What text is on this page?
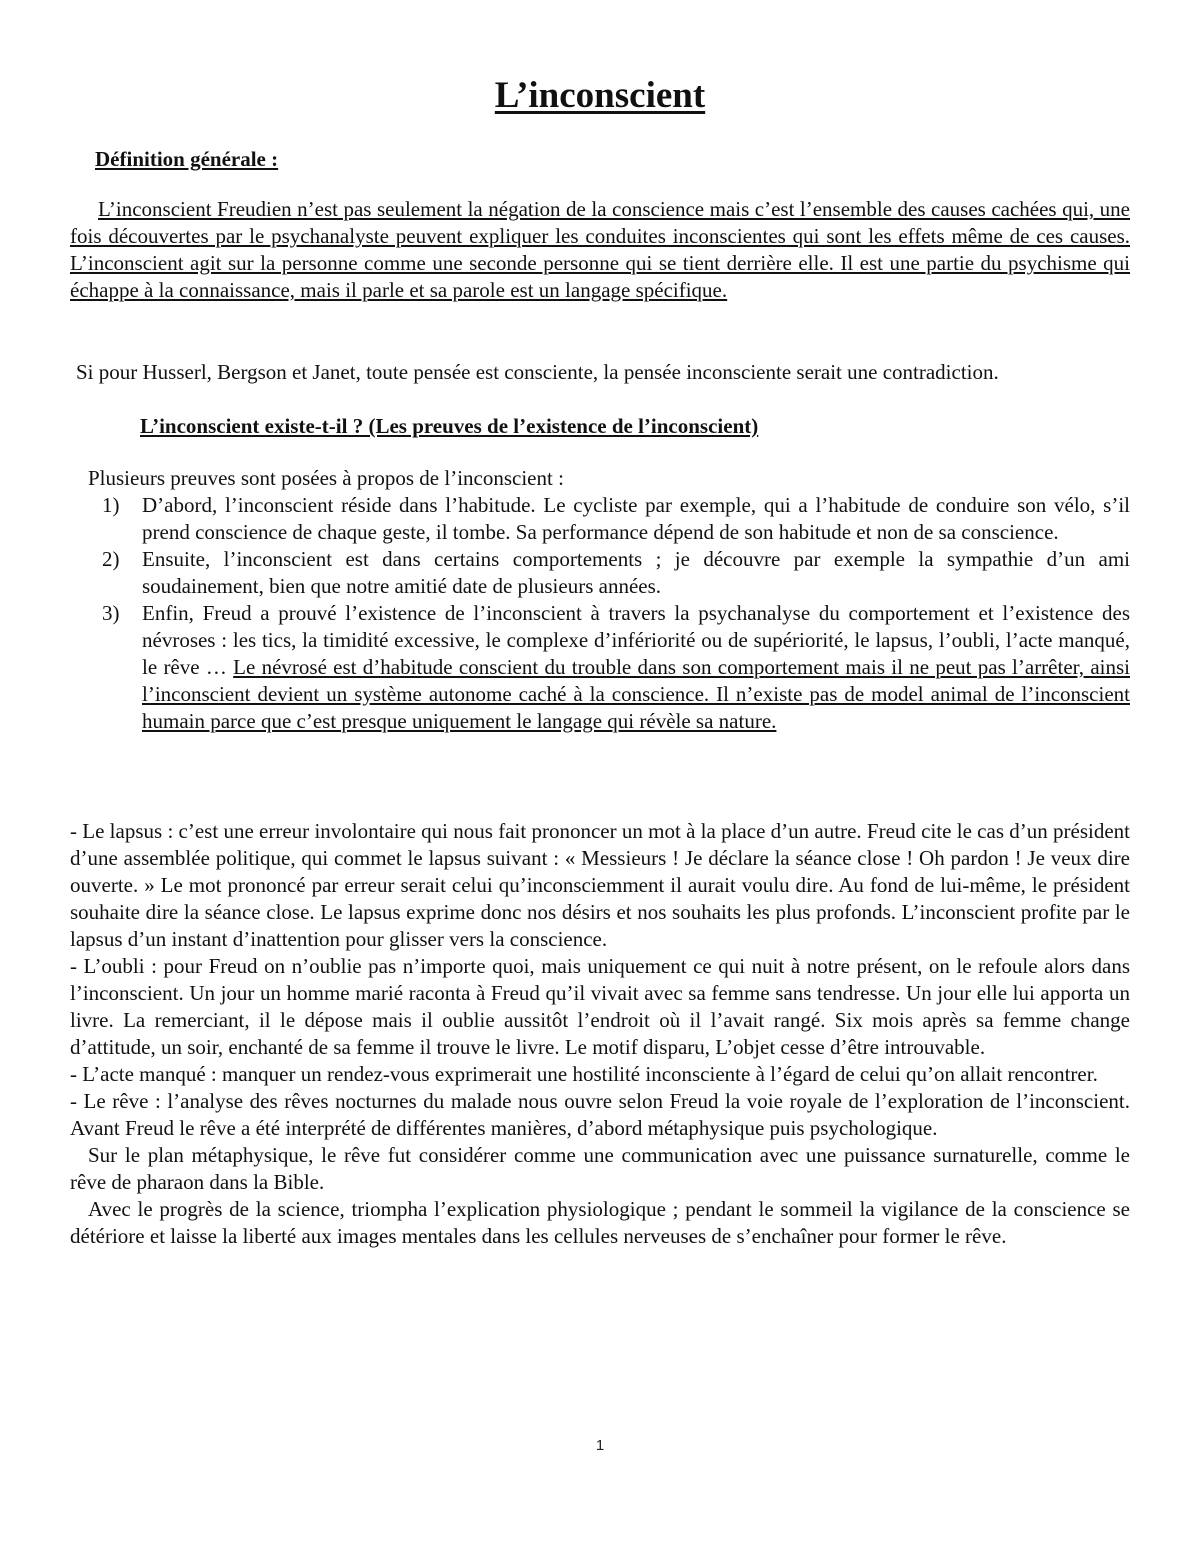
L’inconscient
Définition générale :
L’inconscient Freudien n’est pas seulement la négation de la conscience mais c’est l’ensemble des causes cachées qui, une fois découvertes par le psychanalyste peuvent expliquer les conduites inconscientes qui sont les effets même de ces causes. L’inconscient agit sur la personne comme une seconde personne qui se tient derrière elle. Il est une partie du psychisme qui échappe à la connaissance, mais il parle et sa parole est un langage spécifique.
Si pour Husserl, Bergson et Janet, toute pensée est consciente, la pensée inconsciente serait une contradiction.
L’inconscient existe-t-il ? (Les preuves de l’existence de l’inconscient)
Plusieurs preuves sont posées à propos de l’inconscient :
1) D’abord, l’inconscient réside dans l’habitude. Le cycliste par exemple, qui a l’habitude de conduire son vélo, s’il prend conscience de chaque geste, il tombe. Sa performance dépend de son habitude et non de sa conscience.
2) Ensuite, l’inconscient est dans certains comportements ; je découvre par exemple la sympathie d’un ami soudainement, bien que notre amitié date de plusieurs années.
3) Enfin, Freud a prouvé l’existence de l’inconscient à travers la psychanalyse du comportement et l’existence des névroses : les tics, la timidité excessive, le complexe d’infériorité ou de supériorité, le lapsus, l’oubli, l’acte manqué, le rêve … Le névrosé est d’habitude conscient du trouble dans son comportement mais il ne peut pas l’arrêter, ainsi l’inconscient devient un système autonome caché à la conscience. Il n’existe pas de model animal de l’inconscient humain parce que c’est presque uniquement le langage qui révèle sa nature.

- Le lapsus : c’est une erreur involontaire qui nous fait prononcer un mot à la place d’un autre. Freud cite le cas d’un président d’une assemblée politique, qui commet le lapsus suivant : « Messieurs ! Je déclare la séance close ! Oh pardon ! Je veux dire ouverte. » Le mot prononcé par erreur serait celui qu’inconsciemment il aurait voulu dire. Au fond de lui-même, le président souhaite dire la séance close. Le lapsus exprime donc nos désirs et nos souhaits les plus profonds. L’inconscient profite par le lapsus d’un instant d’inattention pour glisser vers la conscience.

- L’oubli : pour Freud on n’oublie pas n’importe quoi, mais uniquement ce qui nuit à notre présent, on le refoule alors dans l’inconscient. Un jour un homme marié raconta à Freud qu’il vivait avec sa femme sans tendresse. Un jour elle lui apporta un livre. La remerciant, il le dépose mais il oublie aussitôt l’endroit où il l’avait rangé. Six mois après sa femme change d’attitude, un soir, enchanté de sa femme il trouve le livre. Le motif disparu, L’objet cesse d’être introuvable.

- L’acte manqué : manquer un rendez-vous exprimerait une hostilité inconsciente à l’égard de celui qu’on allait rencontrer.

- Le rêve : l’analyse des rêves nocturnes du malade nous ouvre selon Freud la voie royale de l’exploration de l’inconscient. Avant Freud le rêve a été interprété de différentes manières, d’abord métaphysique puis psychologique.

Sur le plan métaphysique, le rêve fut considérer comme une communication avec une puissance surnaturelle, comme le rêve de pharaon dans la Bible.

Avec le progrès de la science, triompha l’explication physiologique ; pendant le sommeil la vigilance de la conscience se détériore et laisse la liberté aux images mentales dans les cellules nerveuses de s’enchaîner pour former le rêve.

1
